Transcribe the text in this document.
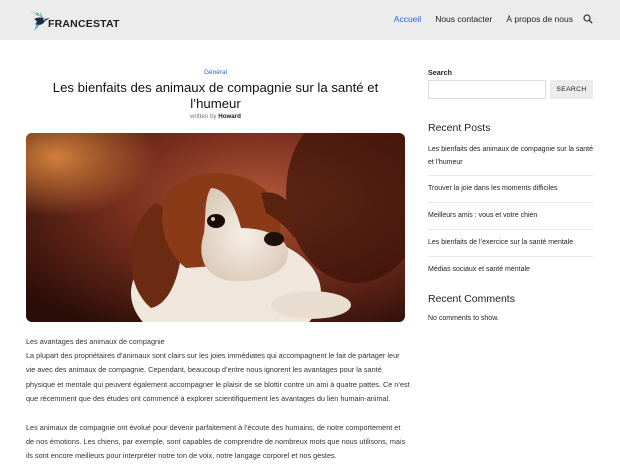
FRANCESTAT	Accueil Nous contacter À propos de nous
Général
Les bienfaits des animaux de compagnie sur la santé et l’humeur
written by Howard
Les avantages des animaux de compagnie
La plupart des propriétaires d’animaux sont clairs sur les joies immédiates qui accompagnent le fait de partager leur vie avec des animaux de compagnie. Cependant, beaucoup d’entre nous ignorent les avantages pour la santé physique et mentale qui peuvent également accompagner le plaisir de se blottir contre un ami à quatre pattes. Ce n’est que récemment que des études ont commencé à explorer scientifiquement les avantages du lien humain-animal.
Les animaux de compagnie ont évolué pour devenir parfaitement à l’écoute des humains, de notre comportement et de nos émotions. Les chiens, par exemple, sont capables de comprendre de nombreux mots que nous utilisons, mais ils sont encore meilleurs pour interpréter notre ton de voix, notre langage corporel et nos gestes.
Search
SEARCH
Recent Posts
Les bienfaits des animaux de compagnie sur la santé et l’humeur
Trouver la joie dans les moments difficiles
Meilleurs amis : vous et votre chien
Les bienfaits de l’exercice sur la santé mentale
Médias sociaux et santé mentale
Recent Comments
No comments to show.
